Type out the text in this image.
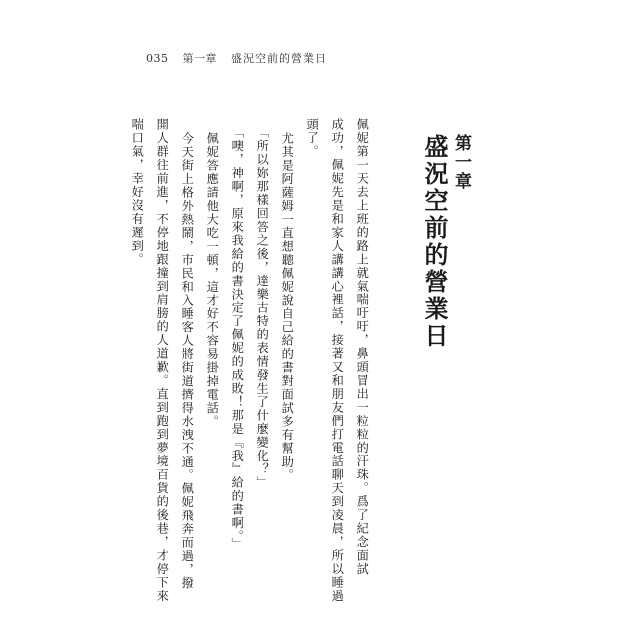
035 第一章 盛況空前的營業日
第一章
盛況空前的營業日
佩妮第一天去上班的路上就氣喘吁吁，鼻頭冒出一粒粒的汗珠。爲了紀念面試
成功，佩妮先是和家人講講心裡話，接著又和朋友們打電話聊天到凌晨，所以睡過
頭了。
尤其是阿薩姆一直想聽佩妮說自己給的書對面試多有幫助。
「所以妳那樣回答之後，達樂古特的表情發生了什麼變化？」
「噢，神啊，原來我給的書決定了佩妮的成敗！那是『我』給的書啊。」
佩妮答應請他大吃一頓，這才好不容易掛掉電話。
今天街上格外熱鬧，市民和入睡客人將街道擠得水洩不通。佩妮飛奔而過，撥
開人群往前進，不停地跟撞到肩膀的人道歉。直到跑到夢境百貨的後巷，才停下來
喘口氣，幸好沒有遲到。
